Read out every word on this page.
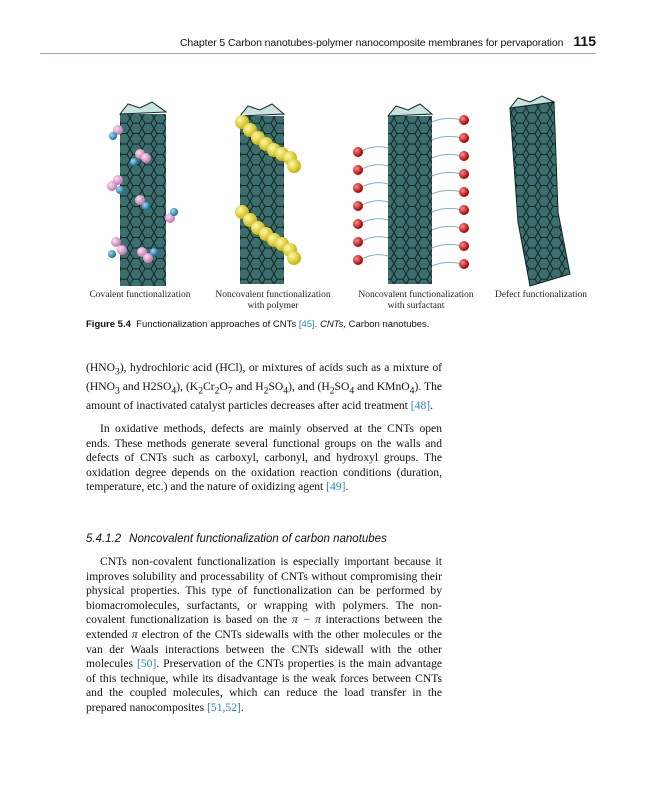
Chapter 5 Carbon nanotubes-polymer nanocomposite membranes for pervaporation 115
Covalent functionalization	Noncovalent functionalization
with polymer
Noncovalent functionalization
with surfactant
Defect functionalization
Figure 5.4 Functionalization approaches of CNTs [45]. CNTs, Carbon nanotubes.

$(HNO_3)$, hydrochloric acid (HCl), or mixtures of acids such as a mixture of ($HNO_3$ and $H2SO_4$), ($K_2Cr_2O_7$ and $H_2SO_4$), and ($H_2SO_4$ and KMnO$_4$). The amount of inactivated catalyst particles decreases after acid treatment [48].

In oxidative methods, defects are mainly observed at the CNTs open ends. These methods generate several functional groups on the walls and defects of CNTs such as carboxyl, carbonyl, and hydroxyl groups. The oxidation degree depends on the oxidation reaction conditions (duration, temperature, etc.) and the nature of oxidizing agent [49].

5.4.1.2 Noncovalent functionalization of carbon nanotubes

CNTs non-covalent functionalization is especially important because it improves solubility and processability of CNTs without compromising their physical properties. This type of functionalization can be performed by biomacromolecules, surfactants, or wrapping with polymers. The non-covalent functionalization is based on the π − π interactions between the extended π electron of the CNTs sidewalls with the other molecules or the van der Waals interactions between the CNTs sidewall with the other molecules [50]. Preservation of the CNTs properties is the main advantage of this technique, while its disadvantage is the weak forces between CNTs and the coupled molecules, which can reduce the load transfer in the prepared nanocomposites [51,52].
